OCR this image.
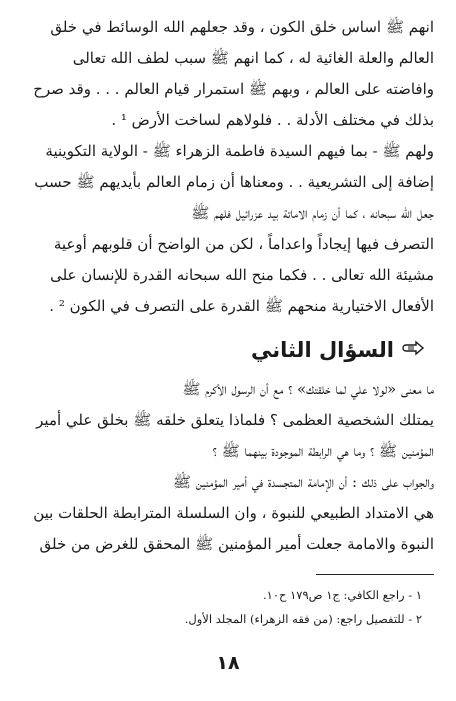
انهم ﷺ اساس خلق الكون ، وقد جعلهم الله الوسائط في خلق
العالم والعلة الغائية له ، كما انهم ﷺ سبب لطف الله تعالى
وافاضته على العالم ، وبهم ﷺ استمرار قيام العالم . . . وقد صرح
بذلك في مختلف الأدلة . . فلولاهم لساخت الأرض ¹ .
ولهم ﷺ - بما فيهم السيدة فاطمة الزهراء ﷺ - الولاية التكوينية
إضافة إلى التشريعية . . ومعناها أن زمام العالم بأيديهم ﷺ حسب
جعل الله سبحانه ، كما أن زمام الاماتة بيد عزرائيل فلهم ﷺ
التصرف فيها إيجاداً واعداماً ، لكن من الواضح أن قلوبهم أوعية
مشيئة الله تعالى . . فكما منح الله سبحانه القدرة للإنسان على
الأفعال الاختيارية منحهم ﷺ القدرة على التصرف في الكون ² .
السؤال الثاني
ما معنى «لولا علي لما خلقتك» ؟ مع أن الرسول الأكرم ﷺ
يمتلك الشخصية العظمى ؟ فلماذا يتعلق خلقه ﷺ بخلق علي أمير
المؤمنين ﷺ ؟ وما هي الرابطة الموجودة بينهما ﷺ ؟
والجواب على ذلك : أن الإمامة المتجسدة في أمير المؤمنين ﷺ
هي الامتداد الطبيعي للنبوة ، وان السلسلة المترابطة الحلقات بين
النبوة والامامة جعلت أمير المؤمنين ﷺ المحقق للغرض من خلق
١ - راجع الكافي: ج١ ص١٧٩ ح١٠.
٢ - للتفصيل راجع: (من فقه الزهراء) المجلد الأول.
١٨
